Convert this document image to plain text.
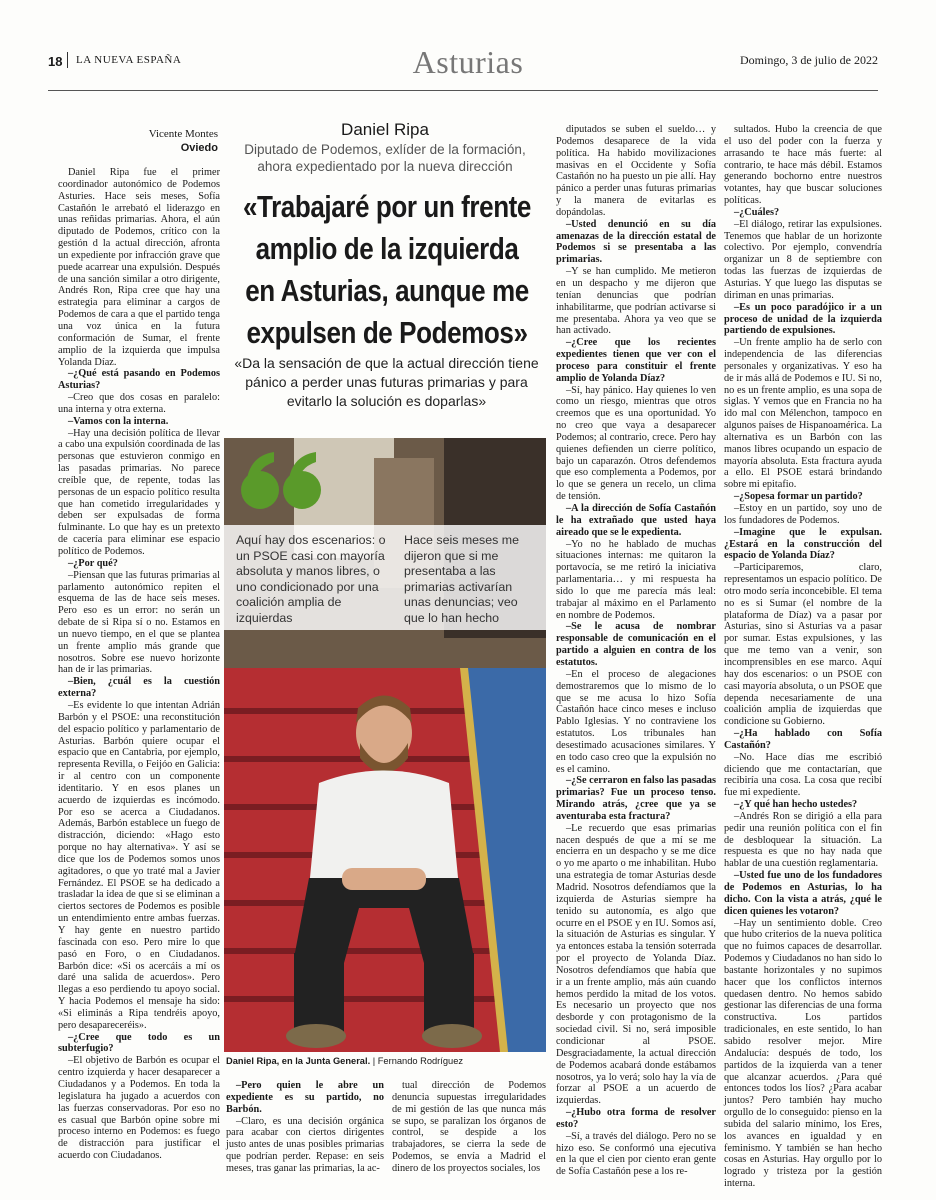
18 LA NUEVA ESPAÑA	Asturias	Domingo, 3 de julio de 2022
Vicente Montes
Oviedo

Daniel Ripa fue el primer coordinador autonómico de Podemos Asturies. Hace seis meses, Sofía Castañón le arrebató el liderazgo en unas reñidas primarias. Ahora, el aún diputado de Podemos, crítico con la gestión d la actual dirección, afronta un expediente por infracción grave que puede acarrear una expulsión. Después de una sanción similar a otro dirigente, Andrés Ron, Ripa cree que hay una estrategia para eliminar a cargos de Podemos de cara a que el partido tenga una voz única en la futura conformación de Sumar, el frente amplio de la izquierda que impulsa Yolanda Díaz.

–¿Qué está pasando en Podemos Asturias?

–Creo que dos cosas en paralelo: una interna y otra externa.

–Vamos con la interna.

–Hay una decisión política de llevar a cabo una expulsión coordinada de las personas que estuvieron conmigo en las pasadas primarias. No parece creíble que, de repente, todas las personas de un espacio político resulta que han cometido irregularidades y deben ser expulsadas de forma fulminante. Lo que hay es un pretexto de cacería para eliminar ese espacio político de Podemos.

–¿Por qué?

–Piensan que las futuras primarias al parlamento autonómico repiten el esquema de las de hace seis meses. Pero eso es un error: no serán un debate de si Ripa sí o no. Estamos en un nuevo tiempo, en el que se plantea un frente amplio más grande que nosotros. Sobre ese nuevo horizonte han de ir las primarias.

–Bien, ¿cuál es la cuestión externa?

–Es evidente lo que intentan Adrián Barbón y el PSOE: una reconstitución del espacio político y parlamentario de Asturias. Barbón quiere ocupar el espacio que en Cantabria, por ejemplo, representa Revilla, o Feijóo en Galicia: ir al centro con un componente identitario. Y en esos planes un acuerdo de izquierdas es incómodo. Por eso se acerca a Ciudadanos. Además, Barbón establece un fuego de distracción, diciendo: «Hago esto porque no hay alternativa». Y así se dice que los de Podemos somos unos agitadores, o que yo traté mal a Javier Fernández. El PSOE se ha dedicado a trasladar la idea de que si se eliminan a ciertos sectores de Podemos es posible un entendimiento entre ambas fuerzas. Y hay gente en nuestro partido fascinada con eso. Pero mire lo que pasó en Foro, o en Ciudadanos. Barbón dice: «Si os acercáis a mí os daré una salida de acuerdos». Pero llegas a eso perdiendo tu apoyo social. Y hacia Podemos el mensaje ha sido: «Si eliminás a Ripa tendréis apoyo, pero desapareceréis».

–¿Cree que todo es un subterfugio?

–El objetivo de Barbón es ocupar el centro izquierda y hacer desaparecer a Ciudadanos y a Podemos. En toda la legislatura ha jugado a acuerdos con las fuerzas conservadoras. Por eso no es casual que Barbón opine sobre mi proceso interno en Podemos: es fuego de distracción para justificar el acuerdo con Ciudadanos.

Daniel Ripa
Diputado de Podemos, exlíder de la formación,
ahora expedientado por la nueva dirección
«Trabajaré por un frente
amplio de la izquierda
en Asturias, aunque me
expulsen de Podemos»
«Da la sensación de que la actual dirección tiene pánico a perder unas futuras primarias y para evitarlo la solución es doparlas»
Aquí hay dos escenarios: o un PSOE casi con mayoría absoluta y manos libres, o uno condicionado por una coalición amplia de izquierdas
Hace seis meses me dijeron que si me presentaba a las primarias activarían unas denuncias; veo que lo han hecho
Daniel Ripa, en la Junta General. | Fernando Rodríguez

–Pero quien le abre un expediente es su partido, no Barbón.

–Claro, es una decisión orgánica para acabar con ciertos dirigentes justo antes de unas posibles primarias que podrían perder. Repase: en seis meses, tras ganar las primarias, la ac-

tual dirección de Podemos denuncia supuestas irregularidades de mi gestión de las que nunca más se supo, se paralizan los órganos de control, se despide a los trabajadores, se cierra la sede de Podemos, se envía a Madrid el dinero de los proyectos sociales, los

diputados se suben el sueldo… y Podemos desaparece de la vida política. Ha habido movilizaciones masivas en el Occidente y Sofía Castañón no ha puesto un pie allí. Hay pánico a perder unas futuras primarias y la manera de evitarlas es dopándolas.

–Usted denunció en su día amenazas de la dirección estatal de Podemos si se presentaba a las primarias.

–Y se han cumplido. Me metieron en un despacho y me dijeron que tenían denuncias que podrían inhabilitarme, que podrían activarse si me presentaba. Ahora ya veo que se han activado.

–¿Cree que los recientes expedientes tienen que ver con el proceso para constituir el frente amplio de Yolanda Díaz?

–Sí, hay pánico. Hay quienes lo ven como un riesgo, mientras que otros creemos que es una oportunidad. Yo no creo que vaya a desaparecer Podemos; al contrario, crece. Pero hay quienes defienden un cierre político, bajo un caparazón. Otros defendemos que eso complementa a Podemos, por lo que se genera un recelo, un clima de tensión.

–A la dirección de Sofía Castañón le ha extrañado que usted haya aireado que se le expedienta.

–Yo no he hablado de muchas situaciones internas: me quitaron la portavocía, se me retiró la iniciativa parlamentaria… y mi respuesta ha sido lo que me parecía más leal: trabajar al máximo en el Parlamento en nombre de Podemos.

–Se le acusa de nombrar responsable de comunicación en el partido a alguien en contra de los estatutos.

–En el proceso de alegaciones demostraremos que lo mismo de lo que se me acusa lo hizo Sofía Castañón hace cinco meses e incluso Pablo Iglesias. Y no contraviene los estatutos. Los tribunales han desestimado acusaciones similares. Y en todo caso creo que la expulsión no es el camino.

–¿Se cerraron en falso las pasadas primarias? Fue un proceso tenso. Mirando atrás, ¿cree que ya se aventuraba esta fractura?

–Le recuerdo que esas primarias nacen después de que a mí se me encierra en un despacho y se me dice o yo me aparto o me inhabilitan. Hubo una estrategia de tomar Asturias desde Madrid. Nosotros defendíamos que la izquierda de Asturias siempre ha tenido su autonomía, es algo que ocurre en el PSOE y en IU. Somos así, la situación de Asturias es singular. Y ya entonces estaba la tensión soterrada por el proyecto de Yolanda Díaz. Nosotros defendíamos que había que ir a un frente amplio, más aún cuando hemos perdido la mitad de los votos. Es necesario un proyecto que nos desborde y con protagonismo de la sociedad civil. Si no, será imposible condicionar al PSOE. Desgraciadamente, la actual dirección de Podemos acabará donde estábamos nosotros, ya lo verá; solo hay la vía de forzar al PSOE a un acuerdo de izquierdas.

–¿Hubo otra forma de resolver esto?

–Sí, a través del diálogo. Pero no se hizo eso. Se conformó una ejecutiva en la que el cien por ciento eran gente de Sofía Castañón pese a los re-

sultados. Hubo la creencia de que el uso del poder con la fuerza y arrasando te hace más fuerte: al contrario, te hace más débil. Estamos generando bochorno entre nuestros votantes, hay que buscar soluciones políticas.

–¿Cuáles?

–El diálogo, retirar las expulsiones. Tenemos que hablar de un horizonte colectivo. Por ejemplo, convendría organizar un 8 de septiembre con todas las fuerzas de izquierdas de Asturias. Y que luego las disputas se diriman en unas primarias.

–Es un poco paradójico ir a un proceso de unidad de la izquierda partiendo de expulsiones.

–Un frente amplio ha de serlo con independencia de las diferencias personales y organizativas. Y eso ha de ir más allá de Podemos e IU. Si no, no es un frente amplio, es una sopa de siglas. Y vemos que en Francia no ha ido mal con Mélenchon, tampoco en algunos países de Hispanoamérica. La alternativa es un Barbón con las manos libres ocupando un espacio de mayoría absoluta. Esta fractura ayuda a ello. El PSOE estará brindando sobre mi epitafio.

–¿Sopesa formar un partido?

–Estoy en un partido, soy uno de los fundadores de Podemos.

–Imagine que le expulsan. ¿Estará en la construcción del espacio de Yolanda Díaz?

–Participaremos, claro, representamos un espacio político. De otro modo sería inconcebible. El tema no es si Sumar (el nombre de la plataforma de Díaz) va a pasar por Asturias, sino si Asturias va a pasar por sumar. Estas expulsiones, y las que me temo van a venir, son incomprensibles en ese marco. Aquí hay dos escenarios: o un PSOE con casi mayoría absoluta, o un PSOE que dependa necesariamente de una coalición amplia de izquierdas que condicione su Gobierno.

–¿Ha hablado con Sofía Castañón?

–No. Hace días me escribió diciendo que me contactarían, que recibiría una cosa. La cosa que recibí fue mi expediente.

–¿Y qué han hecho ustedes?

–Andrés Ron se dirigió a ella para pedir una reunión política con el fin de desbloquear la situación. La respuesta es que no hay nada que hablar de una cuestión reglamentaria.

–Usted fue uno de los fundadores de Podemos en Asturias, lo ha dicho. Con la vista a atrás, ¿qué le dicen quienes les votaron?

–Hay un sentimiento doble. Creo que hubo criterios de la nueva política que no fuimos capaces de desarrollar. Podemos y Ciudadanos no han sido lo bastante horizontales y no supimos hacer que los conflictos internos quedasen dentro. No hemos sabido gestionar las diferencias de una forma constructiva. Los partidos tradicionales, en este sentido, lo han sabido resolver mejor. Mire Andalucía: después de todo, los partidos de la izquierda van a tener que alcanzar acuerdos. ¿Para qué entonces todos los líos? ¿Para acabar juntos? Pero también hay mucho orgullo de lo conseguido: pienso en la subida del salario mínimo, los Eres, los avances en igualdad y en feminismo. Y también se han hecho cosas en Asturias. Hay orgullo por lo logrado y tristeza por la gestión interna.
